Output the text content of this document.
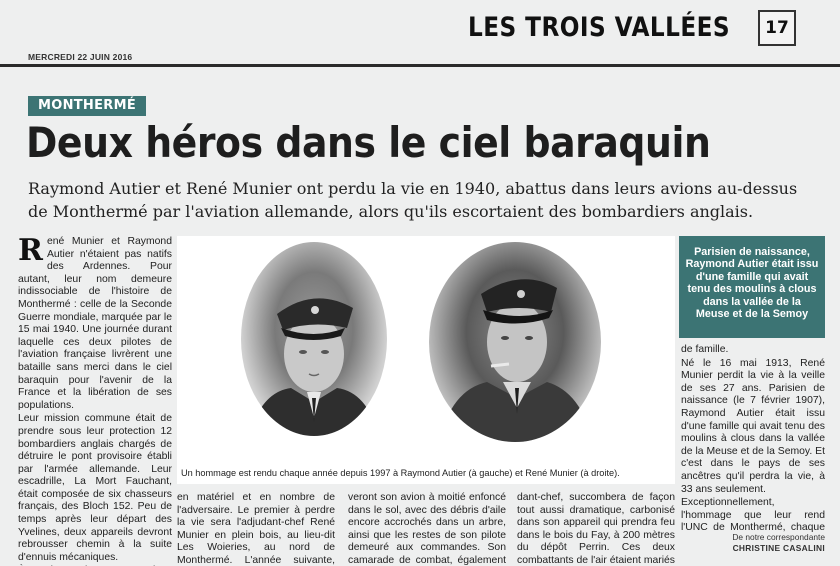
LES TROIS VALLÉES	17
MERCREDI 22 JUIN 2016
MONTHERMÉ
Deux héros dans le ciel baraquin
Raymond Autier et René Munier ont perdu la vie en 1940, abattus dans leurs avions au-dessus de Monthermé par l'aviation allemande, alors qu'ils escortaient des bombardiers anglais.

René Munier et Raymond Autier n'étaient pas natifs des Ardennes. Pour autant, leur nom demeure indissociable de l'histoire de Monthermé : celle de la Seconde Guerre mondiale, marquée par le 15 mai 1940. Une journée durant laquelle ces deux pilotes de l'aviation française livrèrent une bataille sans merci dans le ciel baraquin pour l'avenir de la France et la libération de ses populations.

Leur mission commune était de prendre sous leur protection 12 bombardiers anglais chargés de détruire le pont provisoire établi par l'armée allemande. Leur escadrille, La Mort Fauchant, était composée de six chasseurs français, des Bloch 152. Peu de temps après leur départ des Yvelines, deux appareils devront rebrousser chemin à la suite d'ennuis mécaniques.

Un hommage est rendu chaque année depuis 1997 à Raymond Autier (à gauche) et René Munier (à droite).

en matériel et en nombre de l'adversaire. Le premier à perdre la vie sera l'adjudant-chef René Munier en plein bois, au lieu-dit Les Woieries, au nord de Monthermé. L'année suivante,

veront son avion à moitié enfoncé dans le sol, avec des débris d'aile encore accrochés dans un arbre, ainsi que les restes de son pilote demeuré aux commandes. Son camarade de combat, également

dant-chef, succombera de façon tout aussi dramatique, carbonisé dans son appareil qui prendra feu dans le bois du Fay, à 200 mètres du dépôt Perrin. Ces deux combattants de l'air étaient mariés

Parisien de naissance, Raymond Autier était issu d'une famille qui avait tenu des moulins à clous dans la vallée de la Meuse et de la Semoy

de famille.

Né le 16 mai 1913, René Munier perdit la vie à la veille de ses 27 ans. Parisien de naissance (le 7 février 1907), Raymond Autier était issu d'une famille qui avait tenu des moulins à clous dans la vallée de la Meuse et de la Semoy. Et c'est dans le pays de ses ancêtres qu'il perdra la vie, à 33 ans seulement.

Exceptionnellement, l'hommage que leur rend l'UNC de Monthermé, chaque

De notre correspondante
CHRISTINE CASALINI
